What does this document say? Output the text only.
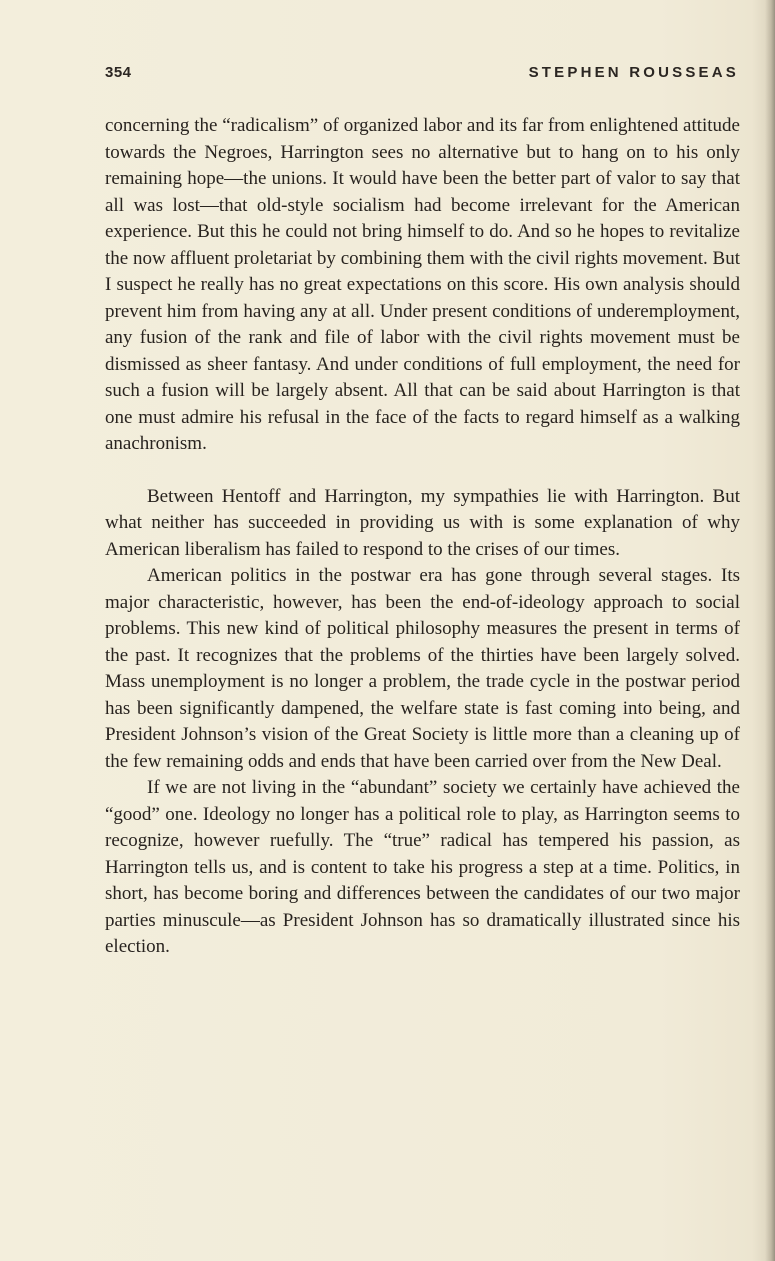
354	STEPHEN ROUSSEAS

concerning the “radicalism” of organized labor and its far from enlightened attitude towards the Negroes, Harrington sees no alternative but to hang on to his only remaining hope—the unions. It would have been the better part of valor to say that all was lost—that old-style socialism had become irrelevant for the American experience. But this he could not bring himself to do. And so he hopes to revitalize the now affluent proletariat by combining them with the civil rights movement. But I suspect he really has no great expectations on this score. His own analysis should prevent him from having any at all. Under present conditions of underemployment, any fusion of the rank and file of labor with the civil rights movement must be dismissed as sheer fantasy. And under conditions of full employment, the need for such a fusion will be largely absent. All that can be said about Harrington is that one must admire his refusal in the face of the facts to regard himself as a walking anachronism.

Between Hentoff and Harrington, my sympathies lie with Harrington. But what neither has succeeded in providing us with is some explanation of why American liberalism has failed to respond to the crises of our times.

American politics in the postwar era has gone through several stages. Its major characteristic, however, has been the end-of-ideology approach to social problems. This new kind of political philosophy measures the present in terms of the past. It recognizes that the problems of the thirties have been largely solved. Mass unemployment is no longer a problem, the trade cycle in the postwar period has been significantly dampened, the welfare state is fast coming into being, and President Johnson’s vision of the Great Society is little more than a cleaning up of the few remaining odds and ends that have been carried over from the New Deal.

If we are not living in the “abundant” society we certainly have achieved the “good” one. Ideology no longer has a political role to play, as Harrington seems to recognize, however ruefully. The “true” radical has tempered his passion, as Harrington tells us, and is content to take his progress a step at a time. Politics, in short, has become boring and differences between the candidates of our two major parties minuscule—as President Johnson has so dramatically illustrated since his election.
